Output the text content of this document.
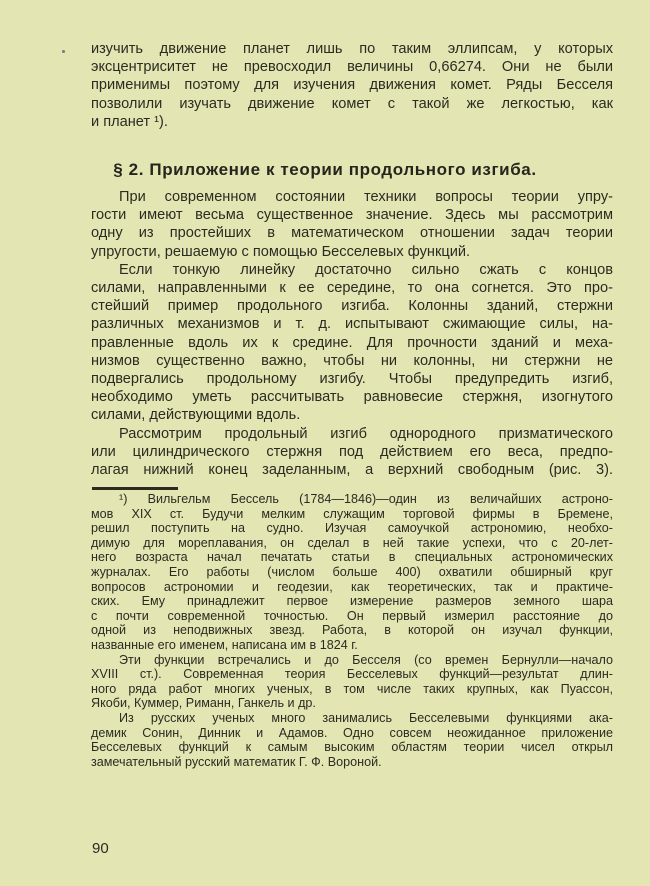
изучить движение планет лишь по таким эллипсам, у которых
эксцентриситет не превосходил величины 0,66274. Они не были
применимы поэтому для изучения движения комет. Ряды Бесселя
позволили изучать движение комет с такой же легкостью, как
и планет ¹).
§ 2. Приложение к теории продольного изгиба.
При современном состоянии техники вопросы теории упру-
гости имеют весьма существенное значение. Здесь мы рассмотрим
одну из простейших в математическом отношении задач теории
упругости, решаемую с помощью Бесселевых функций.
Если тонкую линейку достаточно сильно сжать с концов
силами, направленными к ее середине, то она согнется. Это про-
стейший пример продольного изгиба. Колонны зданий, стержни
различных механизмов и т. д. испытывают сжимающие силы, на-
правленные вдоль их к средине. Для прочности зданий и меха-
низмов существенно важно, чтобы ни колонны, ни стержни не
подвергались продольному изгибу. Чтобы предупредить изгиб,
необходимо уметь рассчитывать равновесие стержня, изогнутого
силами, действующими вдоль.
Рассмотрим продольный изгиб однородного призматического
или цилиндрического стержня под действием его веса, предпо-
лагая нижний конец заделанным, а верхний свободным (рис. 3).
¹) Вильгельм Бессель (1784—1846)—один из величайших астроно-
мов XIX ст. Будучи мелким служащим торговой фирмы в Бремене,
решил поступить на судно. Изучая самоучкой астрономию, необхо-
димую для мореплавания, он сделал в ней такие успехи, что с 20-лет-
него возраста начал печатать статьи в специальных астрономических
журналах. Его работы (числом больше 400) охватили обширный круг
вопросов астрономии и геодезии, как теоретических, так и практиче-
ских. Ему принадлежит первое измерение размеров земного шара
с почти современной точностью. Он первый измерил расстояние до
одной из неподвижных звезд. Работа, в которой он изучал функции,
названные его именем, написана им в 1824 г.
Эти функции встречались и до Бесселя (со времен Бернулли—начало
XVIII ст.). Современная теория Бесселевых функций—результат длин-
ного ряда работ многих ученых, в том числе таких крупных, как Пуассон,
Якоби, Куммер, Риманн, Ганкель и др.
Из русских ученых много занимались Бесселевыми функциями ака-
демик Сонин, Динник и Адамов. Одно совсем неожиданное приложение
Бесселевых функций к самым высоким областям теории чисел открыл
замечательный русский математик Г. Ф. Вороной.
90
